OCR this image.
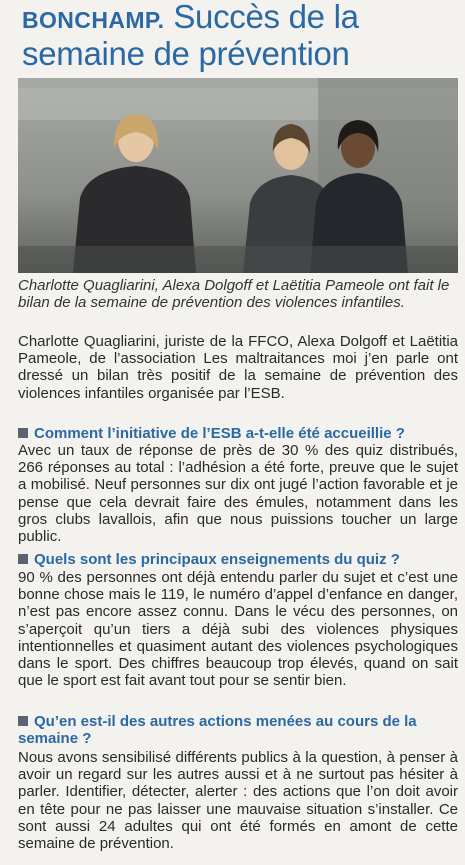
BONCHAMP. Succès de la semaine de prévention
Charlotte Quagliarini, Alexa Dolgoff et Laëtitia Pameole ont fait le bilan de la semaine de prévention des violences infantiles.
Charlotte Quagliarini, juriste de la FFCO, Alexa Dolgoff et Laëtitia Pameole, de l’association Les maltraitances moi j’en parle ont dressé un bilan très positif de la semaine de prévention des violences infantiles organisée par l’ESB.
Comment l’initiative de l’ESB a-t-elle été accueillie ?
Avec un taux de réponse de près de 30 % des quiz distribués, 266 réponses au total : l’adhésion a été forte, preuve que le sujet a mobilisé. Neuf personnes sur dix ont jugé l’action favorable et je pense que cela devrait faire des émules, notamment dans les gros clubs lavallois, afin que nous puissions toucher un large public.
Quels sont les principaux enseignements du quiz ?
90 % des personnes ont déjà entendu parler du sujet et c’est une bonne chose mais le 119, le numéro d’appel d’enfance en danger, n’est pas encore assez connu. Dans le vécu des personnes, on s’aperçoit qu’un tiers a déjà subi des violences physiques intentionnelles et quasiment autant des violences psychologiques dans le sport. Des chiffres beaucoup trop élevés, quand on sait que le sport est fait avant tout pour se sentir bien.
Qu’en est-il des autres actions menées au cours de la semaine ?
Nous avons sensibilisé différents publics à la question, à penser à avoir un regard sur les autres aussi et à ne surtout pas hésiter à parler. Identifier, détecter, alerter : des actions que l’on doit avoir en tête pour ne pas laisser une mauvaise situation s’installer. Ce sont aussi 24 adultes qui ont été formés en amont de cette semaine de prévention.
